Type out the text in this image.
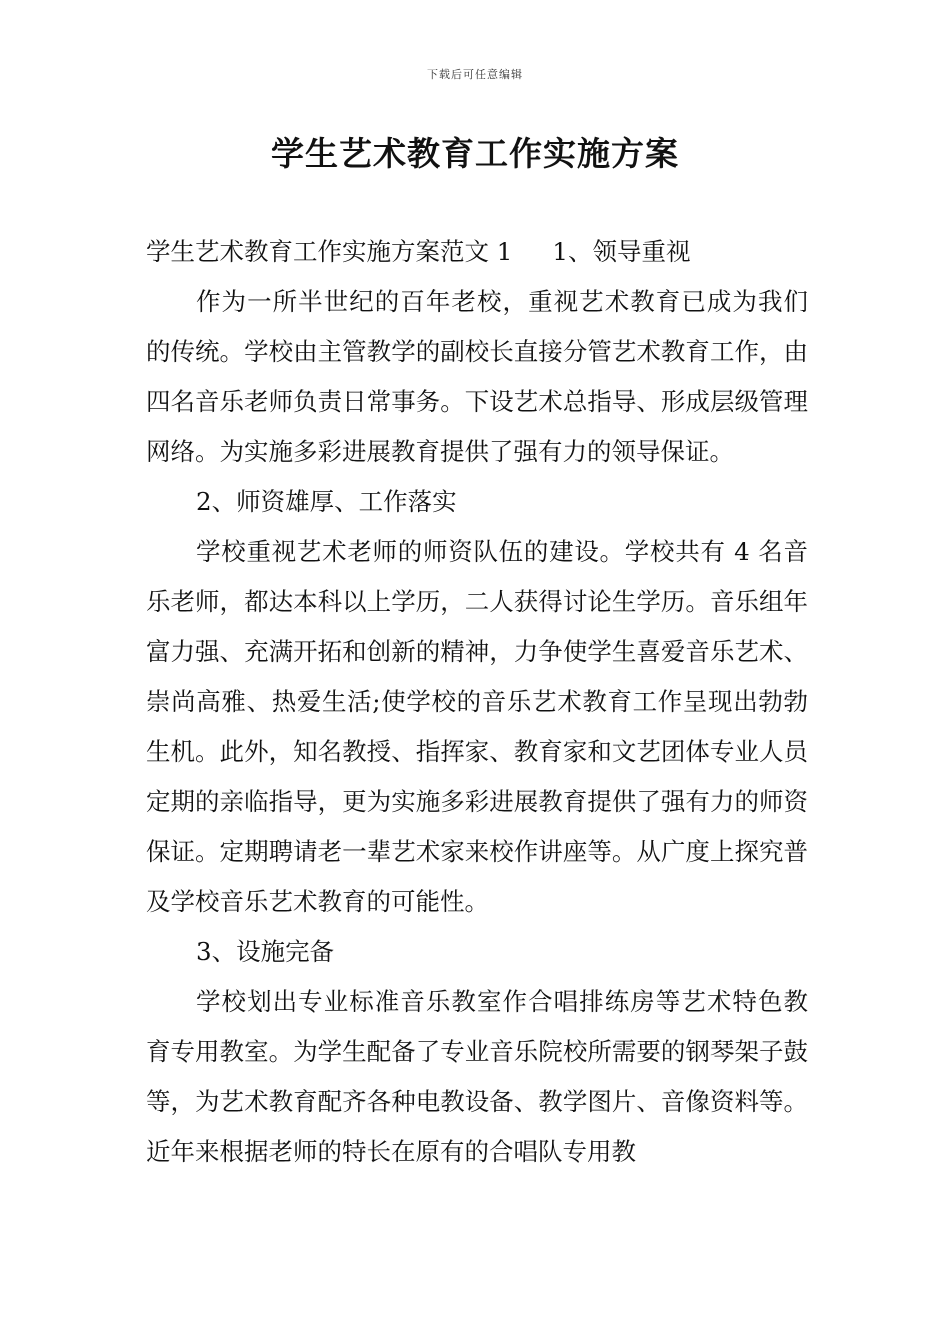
下载后可任意编辑
学生艺术教育工作实施方案

学生艺术教育工作实施方案范文 1 1、领导重视

作为一所半世纪的百年老校，重视艺术教育已成为我们的传统。学校由主管教学的副校长直接分管艺术教育工作，由四名音乐老师负责日常事务。下设艺术总指导、形成层级管理网络。为实施多彩进展教育提供了强有力的领导保证。

2、师资雄厚、工作落实

学校重视艺术老师的师资队伍的建设。学校共有 4 名音乐老师，都达本科以上学历，二人获得讨论生学历。音乐组年富力强、充满开拓和创新的精神，力争使学生喜爱音乐艺术、崇尚高雅、热爱生活;使学校的音乐艺术教育工作呈现出勃勃生机。此外，知名教授、指挥家、教育家和文艺团体专业人员定期的亲临指导，更为实施多彩进展教育提供了强有力的师资保证。定期聘请老一辈艺术家来校作讲座等。从广度上探究普及学校音乐艺术教育的可能性。

3、设施完备

学校划出专业标准音乐教室作合唱排练房等艺术特色教育专用教室。为学生配备了专业音乐院校所需要的钢琴架子鼓等，为艺术教育配齐各种电教设备、教学图片、音像资料等。近年来根据老师的特长在原有的合唱队专用教
